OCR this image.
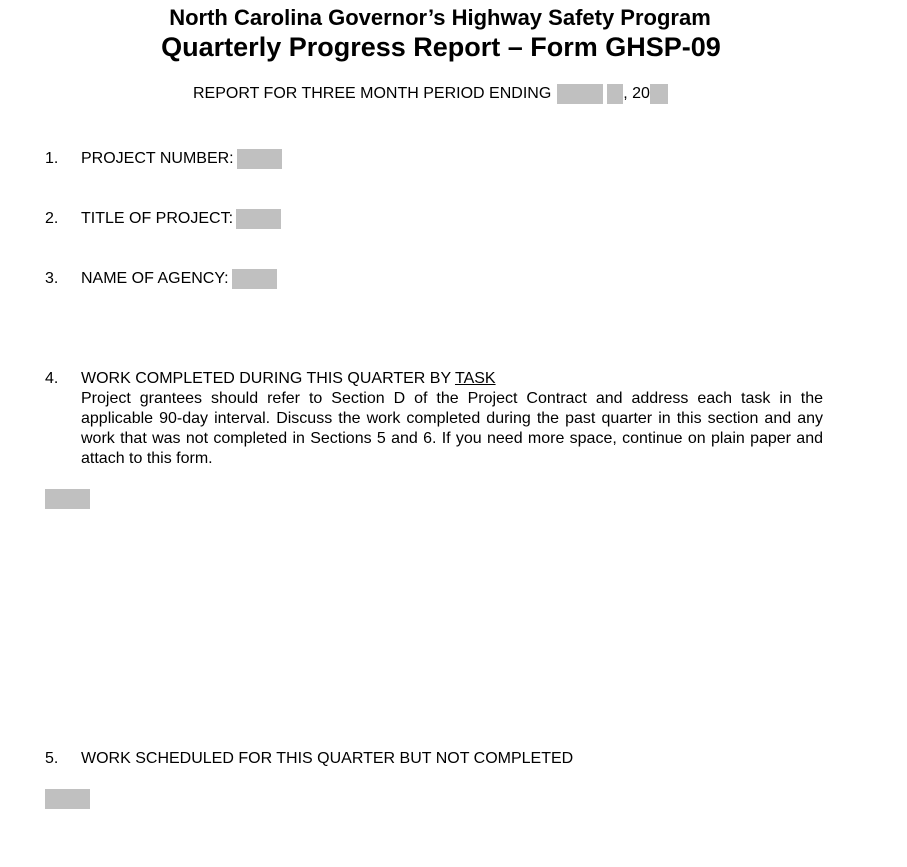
North Carolina Governor’s Highway Safety Program
Quarterly Progress Report – Form GHSP-09
REPORT FOR THREE MONTH PERIOD ENDING	, 20
1.	PROJECT NUMBER:
2.	TITLE OF PROJECT:
3.	NAME OF AGENCY:
4.	WORK COMPLETED DURING THIS QUARTER BY TASK
Project grantees should refer to Section D of the Project Contract and address each task in the applicable 90-day interval. Discuss the work completed during the past quarter in this section and any work that was not completed in Sections 5 and 6. If you need more space, continue on plain paper and attach to this form.
5.	WORK SCHEDULED FOR THIS QUARTER BUT NOT COMPLETED
